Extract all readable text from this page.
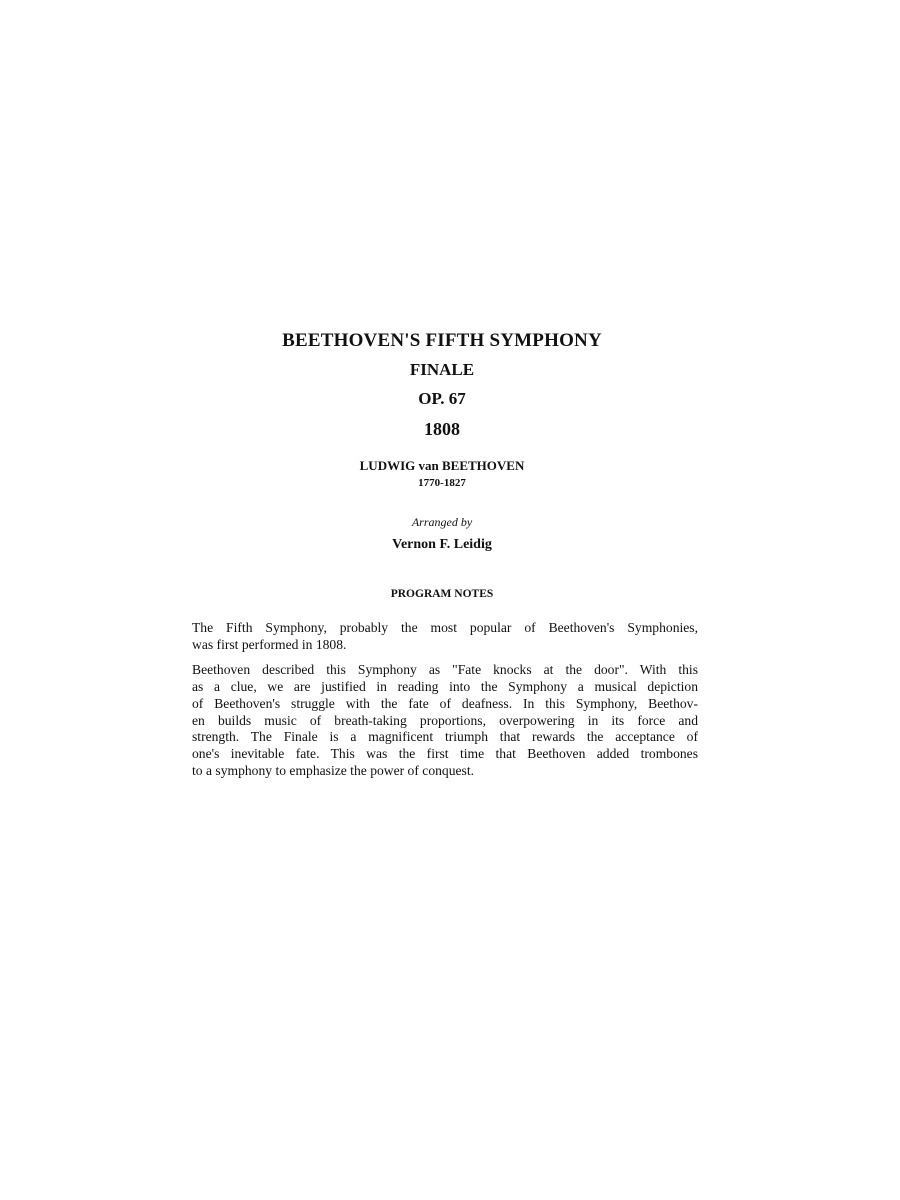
BEETHOVEN'S FIFTH SYMPHONY
FINALE
OP. 67
1808
LUDWIG van BEETHOVEN
1770-1827
Arranged by
Vernon F. Leidig
PROGRAM NOTES

The Fifth Symphony, probably the most popular of Beethoven's Symphonies,
was first performed in 1808.

Beethoven described this Symphony as "Fate knocks at the door". With this
as a clue, we are justified in reading into the Symphony a musical depiction
of Beethoven's struggle with the fate of deafness. In this Symphony, Beethov-
en builds music of breath-taking proportions, overpowering in its force and
strength. The Finale is a magnificent triumph that rewards the acceptance of
one's inevitable fate. This was the first time that Beethoven added trombones
to a symphony to emphasize the power of conquest.
